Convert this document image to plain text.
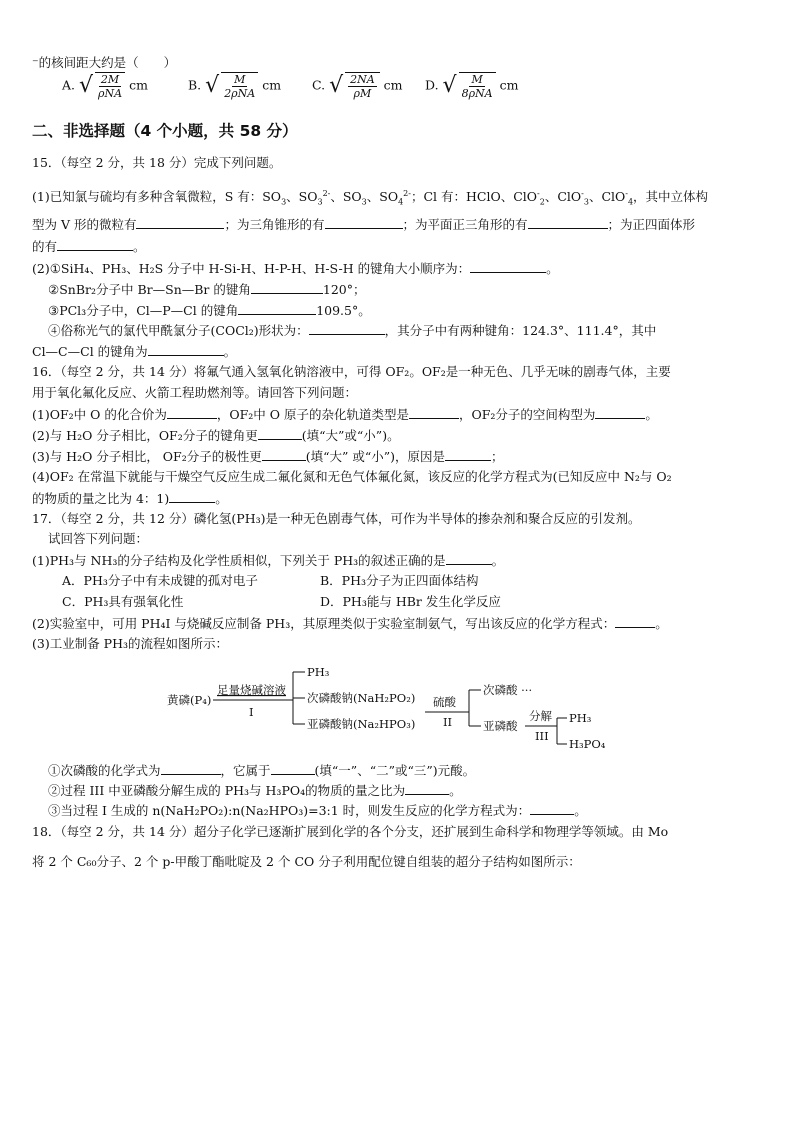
⁻的核间距大约是（　　）
A. √ $\frac{2M}{\text{ρNA}}$ cm	B. √ $\frac{M}{\text{2ρNA}}$ cm C. √ $\frac{2NA}{\rho M}$ cm D. √ $\frac{M}{\text{8ρNA}}$ cm
二、非选择题（4 个小题，共 58 分）
15．（每空 2 分，共 18 分）完成下列问题。
(1)已知氯与硫均有多种含氧微粒，S 有：$SO_3$、$SO_3^{2-}$、$SO_3$、$SO_4^{2-}$；Cl 有：HClO、ClO-$_2$、ClO-$_3$、ClO-$_4$，其中立体构
型为 V 形的微粒有	；为三角锥形的有	；为平面正三角形的有	；为正四面体形
的有	。
(2)①SiH₄、PH₃、H₂S 分子中 H-Si-H、H-P-H、H-S-H 的键角大小顺序为：	。
②SnBr₂分子中 Br—Sn—Br 的键角	120°；
③PCl₃分子中，Cl—P—Cl 的键角	109.5°。
④俗称光气的氯代甲酰氯分子(COCl₂)形状为：	，其分子中有两种键角：124.3°、111.4°，其中
Cl—C—Cl 的键角为	。
16．（每空 2 分，共 14 分）将氟气通入氢氧化钠溶液中，可得 OF₂。OF₂是一种无色、几乎无味的剧毒气体，主要
用于氧化氟化反应、火箭工程助燃剂等。请回答下列问题：
(1)OF₂中 O 的化合价为	，OF₂中 O 原子的杂化轨道类型是	，OF₂分子的空间构型为	。
(2)与 H₂O 分子相比，OF₂分子的键角更	(填“大”或“小”)。
(3)与 H₂O 分子相比， OF₂分子的极性更	(填“大” 或“小”)，原因是	；
(4)OF₂ 在常温下就能与干燥空气反应生成二氟化氮和无色气体氟化氮，该反应的化学方程式为(已知反应中 N₂与 O₂
的物质的量之比为 4：1)	。
17．（每空 2 分，共 12 分）磷化氢(PH₃)是一种无色剧毒气体，可作为半导体的掺杂剂和聚合反应的引发剂。
试回答下列问题：
(1)PH₃与 NH₃的分子结构及化学性质相似，下列关于 PH₃的叙述正确的是	。
A．PH₃分子中有未成键的孤对电子	B．PH₃分子为正四面体结构
C．PH₃具有强氧化性	D．PH₃能与 HBr 发生化学反应
(2)实验室中，可用 PH₄I 与烧碱反应制备 PH₃，其原理类似于实验室制氨气，写出该反应的化学方程式：	。
(3)工业制备 PH₃的流程如图所示：
黄磷(P₄)
足量烧碱溶液
I
PH₃
次磷酸钠(NaH₂PO₂)
亚磷酸钠(Na₂HPO₃)
硫酸
II
次磷酸 ···
亚磷酸
分解
III
PH₃
H₃PO₄
①次磷酸的化学式为	，它属于	(填“一”、“二”或“三”)元酸。
②过程 III 中亚磷酸分解生成的 PH₃与 H₃PO₄的物质的量之比为	。
③当过程 I 生成的 n(NaH₂PO₂):n(Na₂HPO₃)=3:1 时，则发生反应的化学方程式为：	。
18．（每空 2 分，共 14 分）超分子化学已逐渐扩展到化学的各个分支，还扩展到生命科学和物理学等领域。由 Mo
将 2 个 C₆₀分子、2 个 p-甲酸丁酯吡啶及 2 个 CO 分子利用配位键自组装的超分子结构如图所示：
